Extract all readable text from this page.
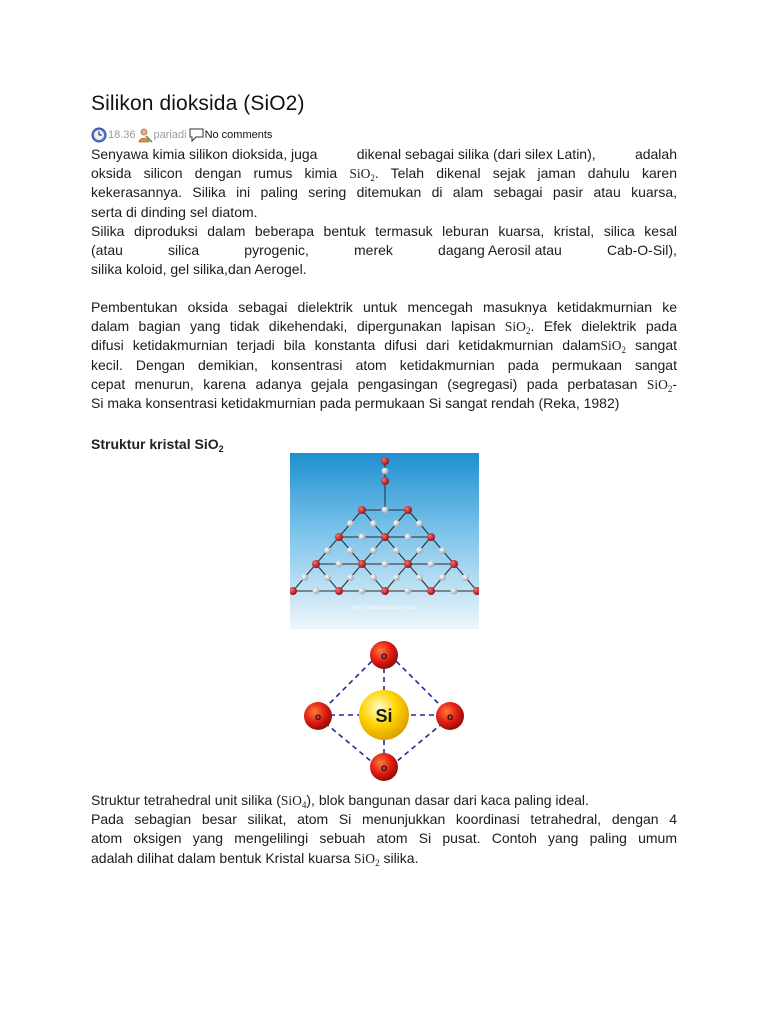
Silikon dioksida (SiO2)
18.36 pariadi No comments
Senyawa kimia silikon dioksida, juga	dikenal sebagai silika (dari silex Latin),	adalah
oksida silicon dengan rumus kimia SiO$_2$. Telah dikenal sejak jaman dahulu karen
kekerasannya. Silika ini paling sering ditemukan di alam sebagai pasir atau kuarsa,
serta di dinding sel diatom.
Silika diproduksi dalam beberapa bentuk termasuk leburan kuarsa, kristal, silica kesal
(atau	silica	pyrogenic,	merek	dagang Aerosil atau	Cab-O-Sil),
silika koloid, gel silika,dan Aerogel.
Pembentukan oksida sebagai dielektrik untuk mencegah masuknya ketidakmurnian ke
dalam bagian yang tidak dikehendaki, dipergunakan lapisan SiO$_2$. Efek dielektrik pada
difusi ketidakmurnian terjadi bila konstanta difusi dari ketidakmurnian dalamSiO$_2$ sangat
kecil. Dengan demikian, konsentrasi atom ketidakmurnian pada permukaan sangat
cepat menurun, karena adanya gejala pengasingan (segregasi) pada perbatasan SiO$_2$-
Si maka konsentrasi ketidakmurnian pada permukaan Si sangat rendah (Reka, 1982)
Struktur kristal SiO$_2$
http://www.astrosurf.com
Si
o
o	o
o
Struktur tetrahedral unit silika (SiO$_4$), blok bangunan dasar dari kaca paling ideal.
Pada sebagian besar silikat, atom Si menunjukkan koordinasi tetrahedral, dengan 4
atom oksigen yang mengelilingi sebuah atom Si pusat. Contoh yang paling umum
adalah dilihat dalam bentuk Kristal kuarsa SiO$_2$ silika.
